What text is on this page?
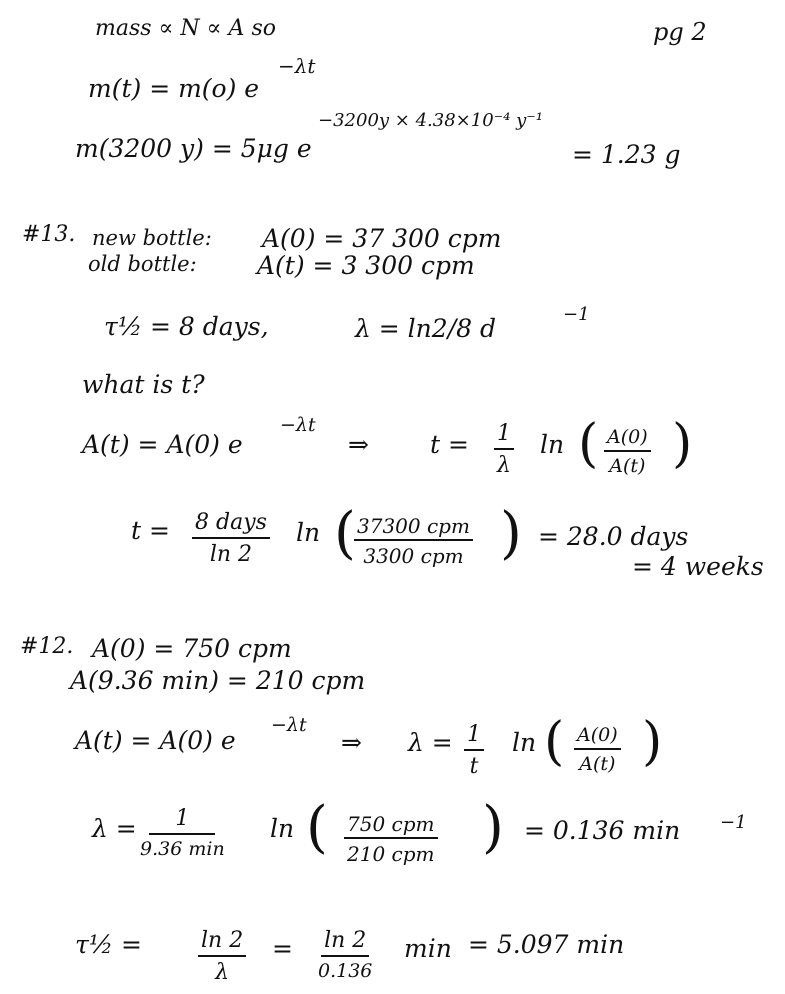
pg 2
mass ∝ N ∝ A so
m(t) = m(o) e
−λt
m(3200 y) = 5μg e
−3200y × 4.38×10⁻⁴ y⁻¹
= 1.23 g
#13. new bottle: A(0) = 37 300 cpm
old bottle: A(t) = 3 300 cpm
τ½ = 8 days,	λ = ln2/8 d	−1
what is t?
A(t) = A(0) e
−λt
⇒ $t = \frac{1}{\lambda}$ ln ( $\frac{A(0)}{A(t)}$ )
t = 8 days
ln 2
ln ( 37300 cpm
3300 cpm ) = 28.0 days
= 4 weeks
#12. A(0) = 750 cpm
A(9.36 min) = 210 cpm
A(t) = A(0) e
−λt
⇒ $\lambda = \frac{1}{t}$ ln ( $\frac{A(0)}{A(t)}$ )
λ =	1
9.36 min
ln ( 750 cpm
210 cpm ) = 0.136 min −1
τ½ =	$\frac{\ln 2}{\lambda} = \frac{\ln 2}{0.136}$ min = 5.097 min
